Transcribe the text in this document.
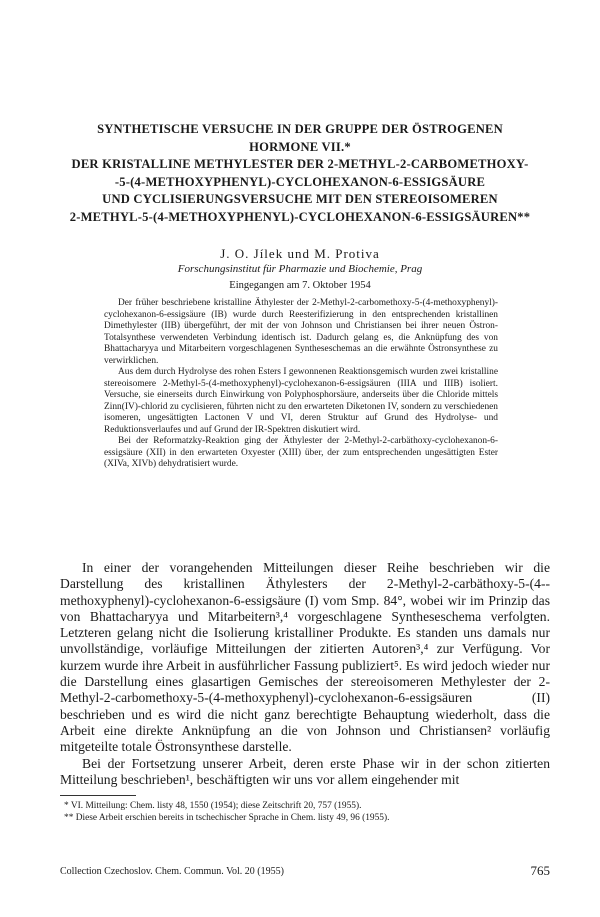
SYNTHETISCHE VERSUCHE IN DER GRUPPE DER ÖSTROGENEN
HORMONE VII.*
DER KRISTALLINE METHYLESTER DER 2-METHYL-2-CARBOMETHOXY-
-5-(4-METHOXYPHENYL)-CYCLOHEXANON-6-ESSIGSÄURE
UND CYCLISIERUNGSVERSUCHE MIT DEN STEREOISOMEREN
2-METHYL-5-(4-METHOXYPHENYL)-CYCLOHEXANON-6-ESSIGSÄUREN**
J. O. Jílek und M. Protiva
Forschungsinstitut für Pharmazie und Biochemie, Prag
Eingegangen am 7. Oktober 1954

Der früher beschriebene kristalline Äthylester der 2-Methyl-2-carbomethoxy-5-(4-methoxyphenyl)-cyclohexanon-6-essigsäure (IB) wurde durch Reesterifizierung in den entsprechenden kristallinen Dimethylester (IIB) übergeführt, der mit der von Johnson und Christiansen bei ihrer neuen Östron-Totalsynthese verwendeten Verbindung identisch ist. Dadurch gelang es, die Anknüpfung des von Bhattacharyya und Mitarbeitern vorgeschlagenen Syntheseschemas an die erwähnte Östronsynthese zu verwirklichen.

Aus dem durch Hydrolyse des rohen Esters I gewonnenen Reaktionsgemisch wurden zwei kristalline stereoisomere 2-Methyl-5-(4-methoxyphenyl)-cyclohexanon-6-essigsäuren (IIIA und IIIB) isoliert. Versuche, sie einerseits durch Einwirkung von Polyphosphorsäure, anderseits über die Chloride mittels Zinn(IV)-chlorid zu cyclisieren, führten nicht zu den erwarteten Diketonen IV, sondern zu verschiedenen isomeren, ungesättigten Lactonen V und VI, deren Struktur auf Grund des Hydrolyse- und Reduktionsverlaufes und auf Grund der IR-Spektren diskutiert wird.

Bei der Reformatzky-Reaktion ging der Äthylester der 2-Methyl-2-carbäthoxy-cyclohexanon-6-essigsäure (XII) in den erwarteten Oxyester (XIII) über, der zum entsprechenden ungesättigten Ester (XIVa, XIVb) dehydratisiert wurde.

In einer der vorangehenden Mitteilungen dieser Reihe beschrieben wir die Darstellung des kristallinen Äthylesters der 2-Methyl-2-carbäthoxy-5-(4--methoxyphenyl)-cyclohexanon-6-essigsäure (I) vom Smp. 84°, wobei wir im Prinzip das von Bhattacharyya und Mitarbeitern³,⁴ vorgeschlagene Syntheseschema verfolgten. Letzteren gelang nicht die Isolierung kristalliner Produkte. Es standen uns damals nur unvollständige, vorläufige Mitteilungen der zitierten Autoren³,⁴ zur Verfügung. Vor kurzem wurde ihre Arbeit in ausführlicher Fassung publiziert⁵. Es wird jedoch wieder nur die Darstellung eines glasartigen Gemisches der stereoisomeren Methylester der 2-Methyl-2-carbomethoxy-5-(4-methoxyphenyl)-cyclohexanon-6-essigsäuren (II) beschrieben und es wird die nicht ganz berechtigte Behauptung wiederholt, dass die Arbeit eine direkte Anknüpfung an die von Johnson und Christiansen² vorläufig mitgeteilte totale Östronsynthese darstelle.

Bei der Fortsetzung unserer Arbeit, deren erste Phase wir in der schon zitierten Mitteilung beschrieben¹, beschäftigten wir uns vor allem eingehender mit

* VI. Mitteilung: Chem. listy 48, 1550 (1954); diese Zeitschrift 20, 757 (1955).
** Diese Arbeit erschien bereits in tschechischer Sprache in Chem. listy 49, 96 (1955).
Collection Czechoslov. Chem. Commun. Vol. 20 (1955)	765
